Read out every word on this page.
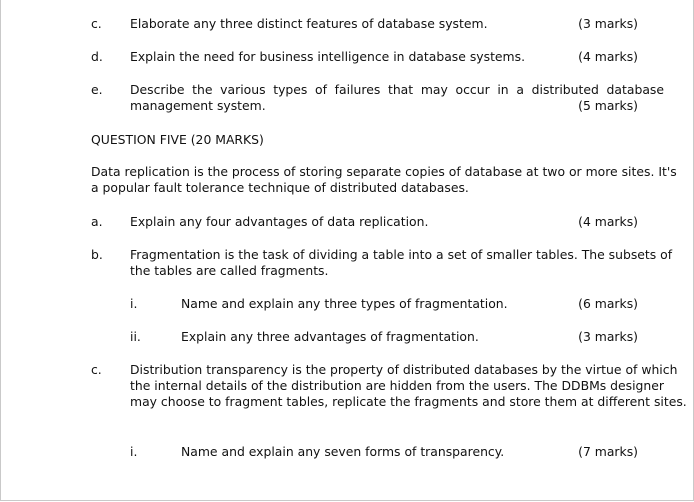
c. Elaborate any three distinct features of database system.	(3 marks)
d. Explain the need for business intelligence in database systems.	(4 marks)
e. Describe the various types of failures that may occur in a distributed database
management system.	(5 marks)
QUESTION FIVE (20 MARKS)
Data replication is the process of storing separate copies of database at two or more sites. It's
a popular fault tolerance technique of distributed databases.
a. Explain any four advantages of data replication.	(4 marks)
b. Fragmentation is the task of dividing a table into a set of smaller tables. The subsets of
the tables are called fragments.
i.	Name and explain any three types of fragmentation.	(6 marks)
ii.	Explain any three advantages of fragmentation.	(3 marks)
c. Distribution transparency is the property of distributed databases by the virtue of which
the internal details of the distribution are hidden from the users. The DDBMs designer
may choose to fragment tables, replicate the fragments and store them at different sites.
i.	Name and explain any seven forms of transparency.	(7 marks)
